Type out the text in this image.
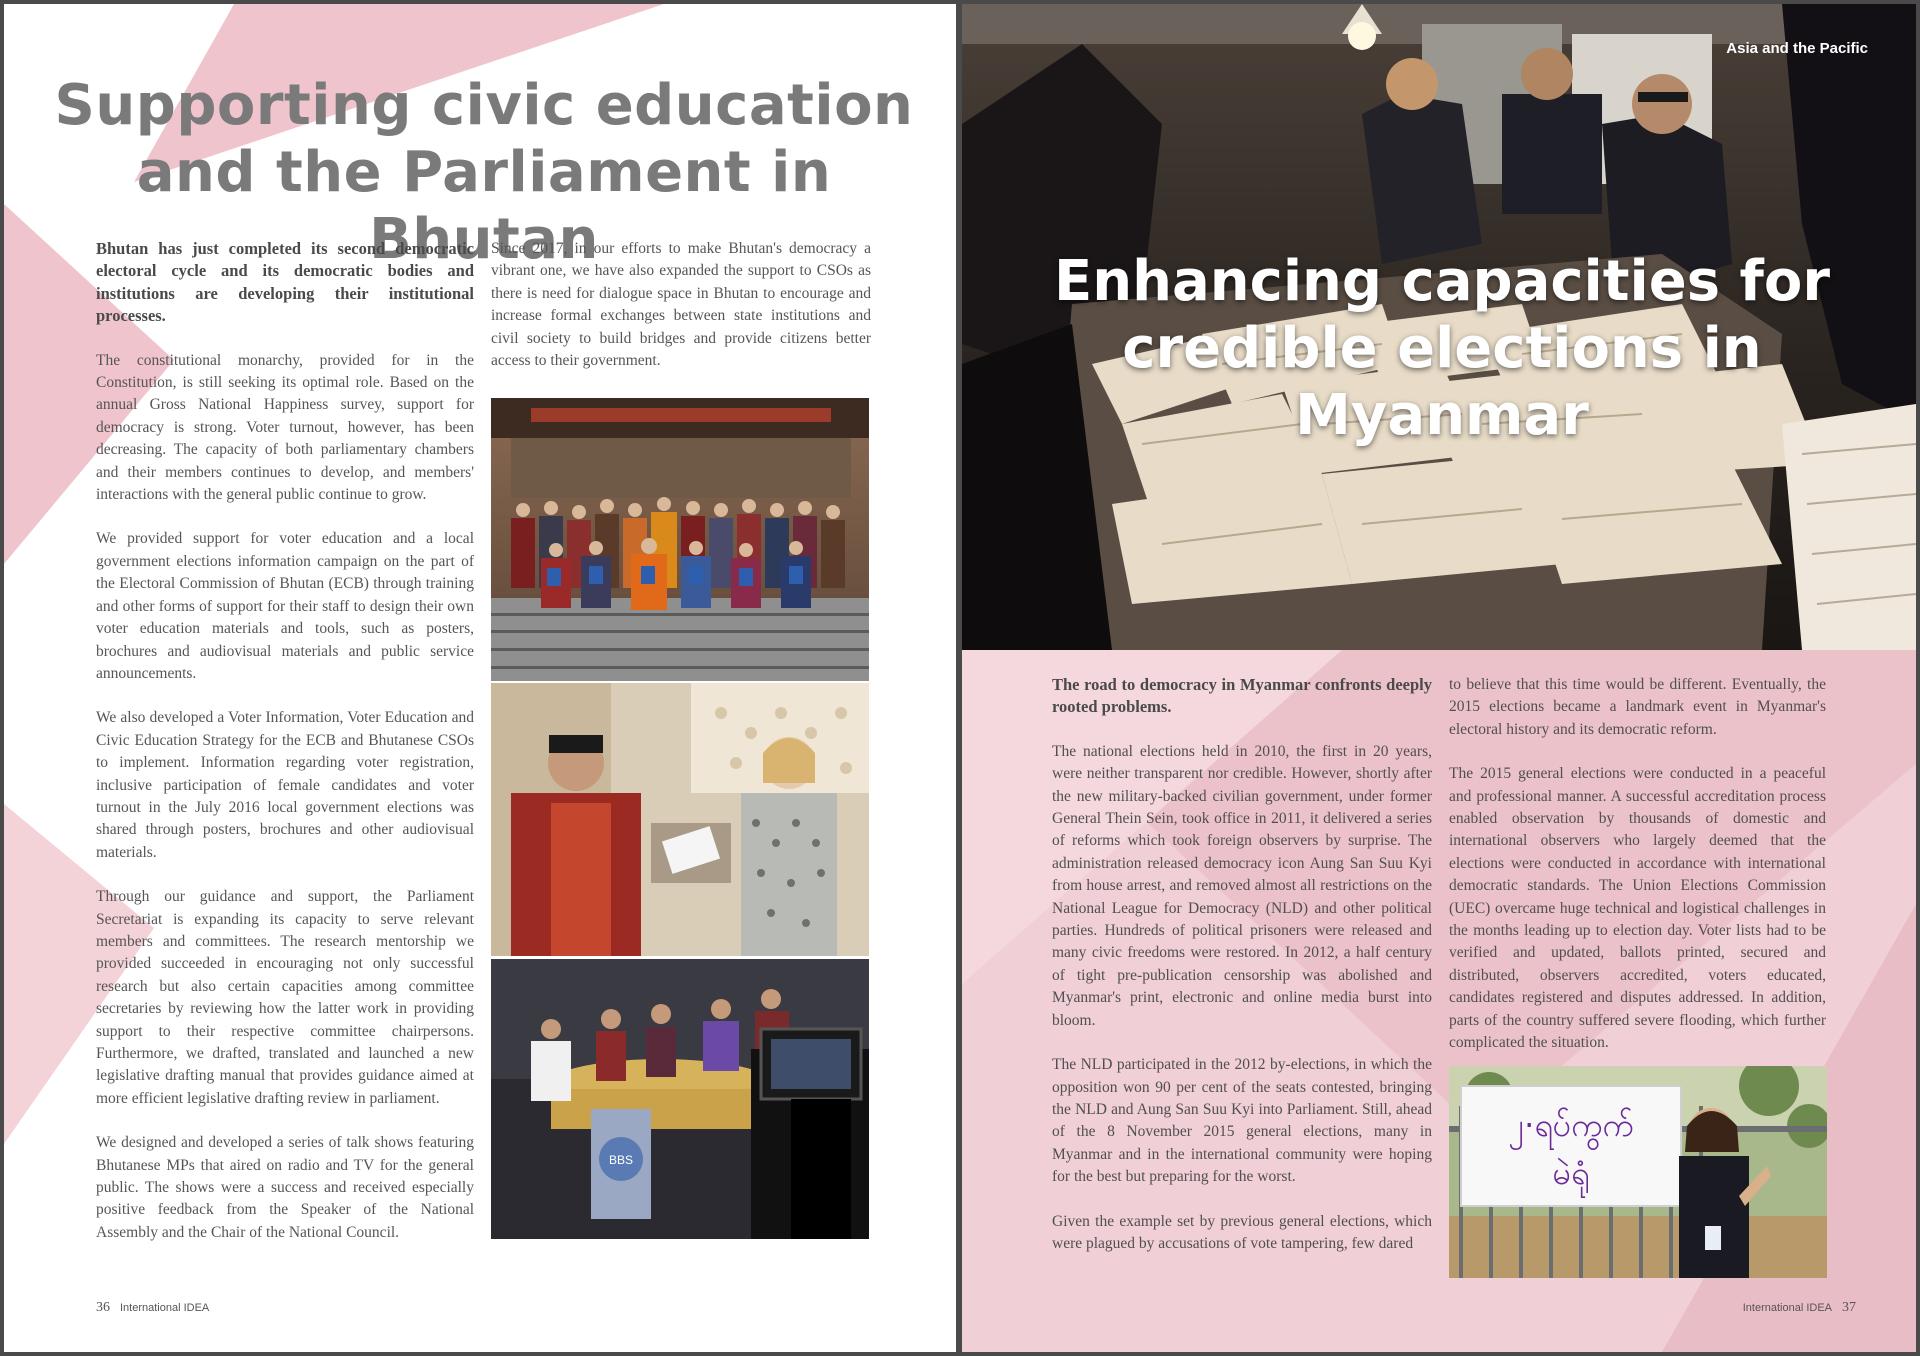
Supporting civic education
and the Parliament in Bhutan

Bhutan has just completed its second democratic electoral cycle and its democratic bodies and institutions are developing their institutional processes.

The constitutional monarchy, provided for in the Constitution, is still seeking its optimal role. Based on the annual Gross National Happiness survey, support for democracy is strong. Voter turnout, however, has been decreasing. The capacity of both parliamentary chambers and their members continues to develop, and members' interactions with the general public continue to grow.

We provided support for voter education and a local government elections information campaign on the part of the Electoral Commission of Bhutan (ECB) through training and other forms of support for their staff to design their own voter education materials and tools, such as posters, brochures and audiovisual materials and public service announcements.

We also developed a Voter Information, Voter Education and Civic Education Strategy for the ECB and Bhutanese CSOs to implement. Information regarding voter registration, inclusive participation of female candidates and voter turnout in the July 2016 local government elections was shared through posters, brochures and other audiovisual materials.

Through our guidance and support, the Parliament Secretariat is expanding its capacity to serve relevant members and committees. The research mentorship we provided succeeded in encouraging not only successful research but also certain capacities among committee secretaries by reviewing how the latter work in providing support to their respective committee chairpersons. Furthermore, we drafted, translated and launched a new legislative drafting manual that provides guidance aimed at more efficient legislative drafting review in parliament.

We designed and developed a series of talk shows featuring Bhutanese MPs that aired on radio and TV for the general public. The shows were a success and received especially positive feedback from the Speaker of the National Assembly and the Chair of the National Council.

Since 2017, in our efforts to make Bhutan's democracy a vibrant one, we have also expanded the support to CSOs as there is need for dialogue space in Bhutan to encourage and increase formal exchanges between state institutions and civil society to build bridges and provide citizens better access to their government.

BBS
36 International IDEA
Asia and the Pacific
Enhancing capacities for
credible elections in Myanmar

The road to democracy in Myanmar confronts deeply rooted problems.

The national elections held in 2010, the first in 20 years, were neither transparent nor credible. However, shortly after the new military-backed civilian government, under former General Thein Sein, took office in 2011, it delivered a series of reforms which took foreign observers by surprise. The administration released democracy icon Aung San Suu Kyi from house arrest, and removed almost all restrictions on the National League for Democracy (NLD) and other political parties. Hundreds of political prisoners were released and many civic freedoms were restored. In 2012, a half century of tight pre-publication censorship was abolished and Myanmar's print, electronic and online media burst into bloom.

The NLD participated in the 2012 by-elections, in which the opposition won 90 per cent of the seats contested, bringing the NLD and Aung San Suu Kyi into Parliament. Still, ahead of the 8 November 2015 general elections, many in Myanmar and in the international community were hoping for the best but preparing for the worst.

Given the example set by previous general elections, which were plagued by accusations of vote tampering, few dared

to believe that this time would be different. Eventually, the 2015 elections became a landmark event in Myanmar's electoral history and its democratic reform.

The 2015 general elections were conducted in a peaceful and professional manner. A successful accreditation process enabled observation by thousands of domestic and international observers who largely deemed that the elections were conducted in accordance with international democratic standards. The Union Elections Commission (UEC) overcame huge technical and logistical challenges in the months leading up to election day. Voter lists had to be verified and updated, ballots printed, secured and distributed, observers accredited, voters educated, candidates registered and disputes addressed. In addition, parts of the country suffered severe flooding, which further complicated the situation.

၂·ရပ်ကွက်
မဲရုံ
International IDEA 37
